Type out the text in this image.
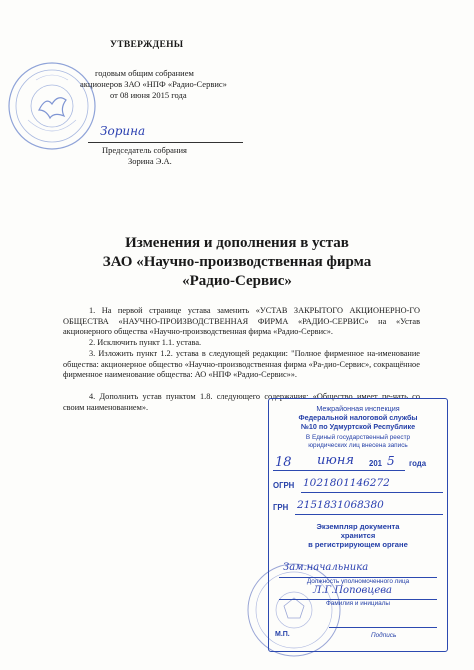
УТВЕРЖДЕНЫ
годовым общим собранием
акционеров ЗАО «НПФ «Радио-Сервис»
от 08 июня 2015 года
Зорина
Председатель собрания
Зорина Э.А.
Изменения и дополнения в устав
ЗАО «Научно-производственная фирма
«Радио-Сервис»
1. На первой странице устава заменить «УСТАВ ЗАКРЫТОГО АКЦИОНЕРНО-ГО ОБЩЕСТВА «НАУЧНО-ПРОИЗВОДСТВЕННАЯ ФИРМА «РАДИО-СЕРВИС» на «Устав акционерного общества «Научно-производственная фирма «Радио-Сервис».
2. Исключить пункт 1.1. устава.
3. Изложить пункт 1.2. устава в следующей редакции: "Полное фирменное на-именование общества: акционерное общество «Научно-производственная фирма «Ра-дио-Сервис», сокращённое фирменное наименование общества: АО «НПФ «Радио-Сервис»».
4. Дополнить устав пунктом 1.8. следующего содержания: «Общество имеет пе-чать со своим наименованием».	Межрайонная инспекция
Федеральной налоговой службы
№10 по Удмуртской Республике
В Единый государственный реестр
юридических лиц внесена запись
18 июня 201 5 года
ОГРН 1021801146272
ГРН 2151831068380
Экземпляр документа
хранится
в регистрирующем органе
Зам.начальника
Должность уполномоченного лица
Л.Г.Поповцева
Фамилия и инициалы
М.П.	Подпись
